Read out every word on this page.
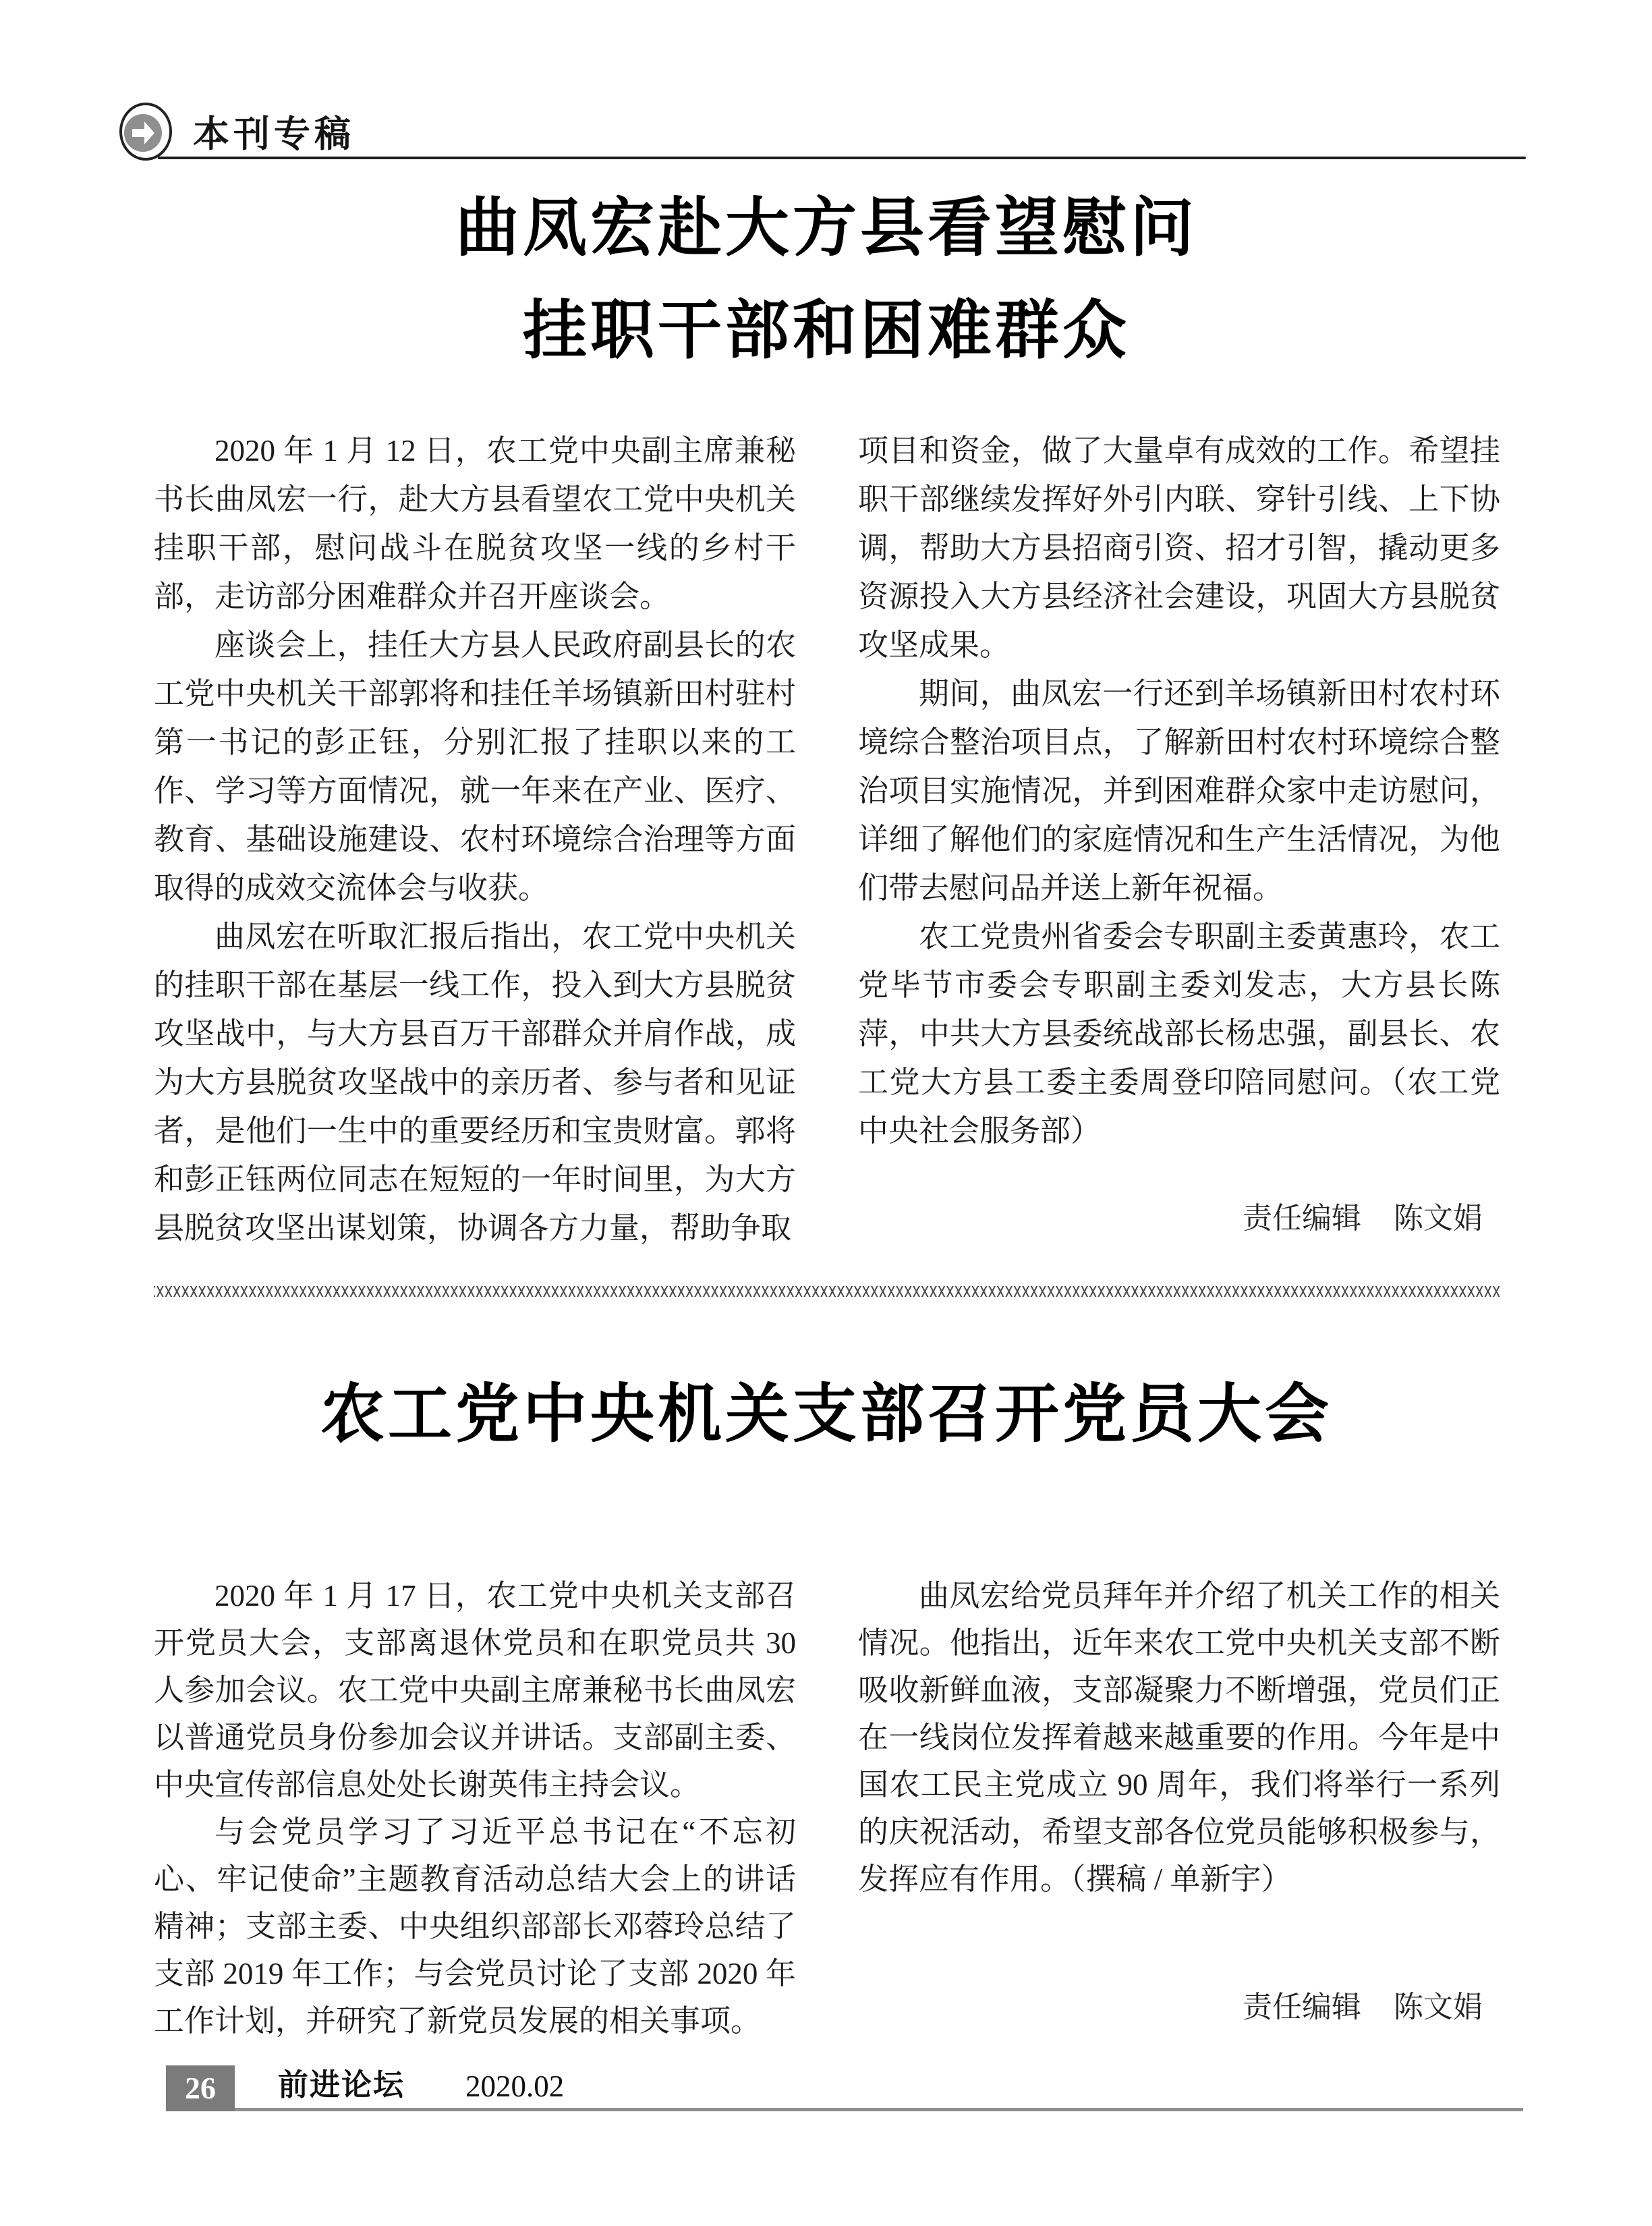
本刊专稿
曲凤宏赴大方县看望慰问
挂职干部和困难群众

2020 年 1 月 12 日，农工党中央副主席兼秘书长曲凤宏一行，赴大方县看望农工党中央机关挂职干部，慰问战斗在脱贫攻坚一线的乡村干部，走访部分困难群众并召开座谈会。

座谈会上，挂任大方县人民政府副县长的农工党中央机关干部郭将和挂任羊场镇新田村驻村第一书记的彭正钰，分别汇报了挂职以来的工作、学习等方面情况，就一年来在产业、医疗、教育、基础设施建设、农村环境综合治理等方面取得的成效交流体会与收获。

曲凤宏在听取汇报后指出，农工党中央机关的挂职干部在基层一线工作，投入到大方县脱贫攻坚战中，与大方县百万干部群众并肩作战，成为大方县脱贫攻坚战中的亲历者、参与者和见证者，是他们一生中的重要经历和宝贵财富。郭将和彭正钰两位同志在短短的一年时间里，为大方县脱贫攻坚出谋划策，协调各方力量，帮助争取

项目和资金，做了大量卓有成效的工作。希望挂职干部继续发挥好外引内联、穿针引线、上下协调，帮助大方县招商引资、招才引智，撬动更多资源投入大方县经济社会建设，巩固大方县脱贫攻坚成果。

期间，曲凤宏一行还到羊场镇新田村农村环境综合整治项目点，了解新田村农村环境综合整治项目实施情况，并到困难群众家中走访慰问，详细了解他们的家庭情况和生产生活情况，为他们带去慰问品并送上新年祝福。

农工党贵州省委会专职副主委黄惠玲，农工党毕节市委会专职副主委刘发志，大方县长陈萍，中共大方县委统战部长杨忠强，副县长、农工党大方县工委主委周登印陪同慰问。（农工党中央社会服务部）

责任编辑 陈文娟
农工党中央机关支部召开党员大会

2020 年 1 月 17 日，农工党中央机关支部召开党员大会，支部离退休党员和在职党员共 30 人参加会议。农工党中央副主席兼秘书长曲凤宏以普通党员身份参加会议并讲话。支部副主委、中央宣传部信息处处长谢英伟主持会议。

与会党员学习了习近平总书记在“不忘初心、牢记使命”主题教育活动总结大会上的讲话精神；支部主委、中央组织部部长邓蓉玲总结了支部 2019 年工作；与会党员讨论了支部 2020 年工作计划，并研究了新党员发展的相关事项。

曲凤宏给党员拜年并介绍了机关工作的相关情况。他指出，近年来农工党中央机关支部不断吸收新鲜血液，支部凝聚力不断增强，党员们正在一线岗位发挥着越来越重要的作用。今年是中国农工民主党成立 90 周年，我们将举行一系列的庆祝活动，希望支部各位党员能够积极参与，发挥应有作用。（撰稿 / 单新宇）

责任编辑 陈文娟
26	前进论坛 2020.02
